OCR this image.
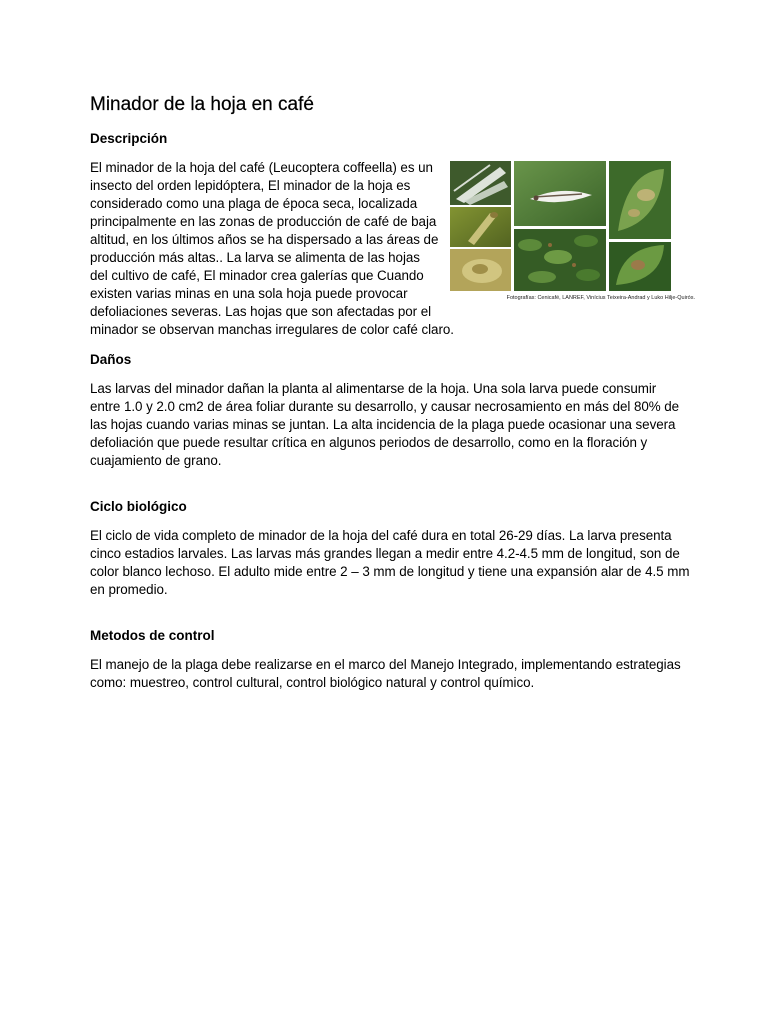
Minador de la hoja en café
Descripción
Fotografías: Cenicafé, LANREF, Vinícius Teixeira-Andrad y Luko Hilje-Quirós.

El minador de la hoja del café (Leucoptera coffeella) es un insecto del orden lepidóptera, El minador de la hoja es considerado como una plaga de época seca, localizada principalmente en las zonas de producción de café de baja altitud, en los últimos años se ha dispersado a las áreas de producción más altas.. La larva se alimenta de las hojas del cultivo de café, El minador crea galerías que Cuando existen varias minas en una sola hoja puede provocar defoliaciones severas. Las hojas que son afectadas por el minador se observan manchas irregulares de color café claro.

Daños

Las larvas del minador dañan la planta al alimentarse de la hoja. Una sola larva puede consumir entre 1.0 y 2.0 cm2 de área foliar durante su desarrollo, y causar necrosamiento en más del 80% de las hojas cuando varias minas se juntan. La alta incidencia de la plaga puede ocasionar una severa defoliación que puede resultar crítica en algunos periodos de desarrollo, como en la floración y cuajamiento de grano.

Ciclo biológico

El ciclo de vida completo de minador de la hoja del café dura en total 26-29 días. La larva presenta cinco estadios larvales. Las larvas más grandes llegan a medir entre 4.2-4.5 mm de longitud, son de color blanco lechoso. El adulto mide entre 2 – 3 mm de longitud y tiene una expansión alar de 4.5 mm en promedio.

Metodos de control

El manejo de la plaga debe realizarse en el marco del Manejo Integrado, implementando estrategias como: muestreo, control cultural, control biológico natural y control químico.
